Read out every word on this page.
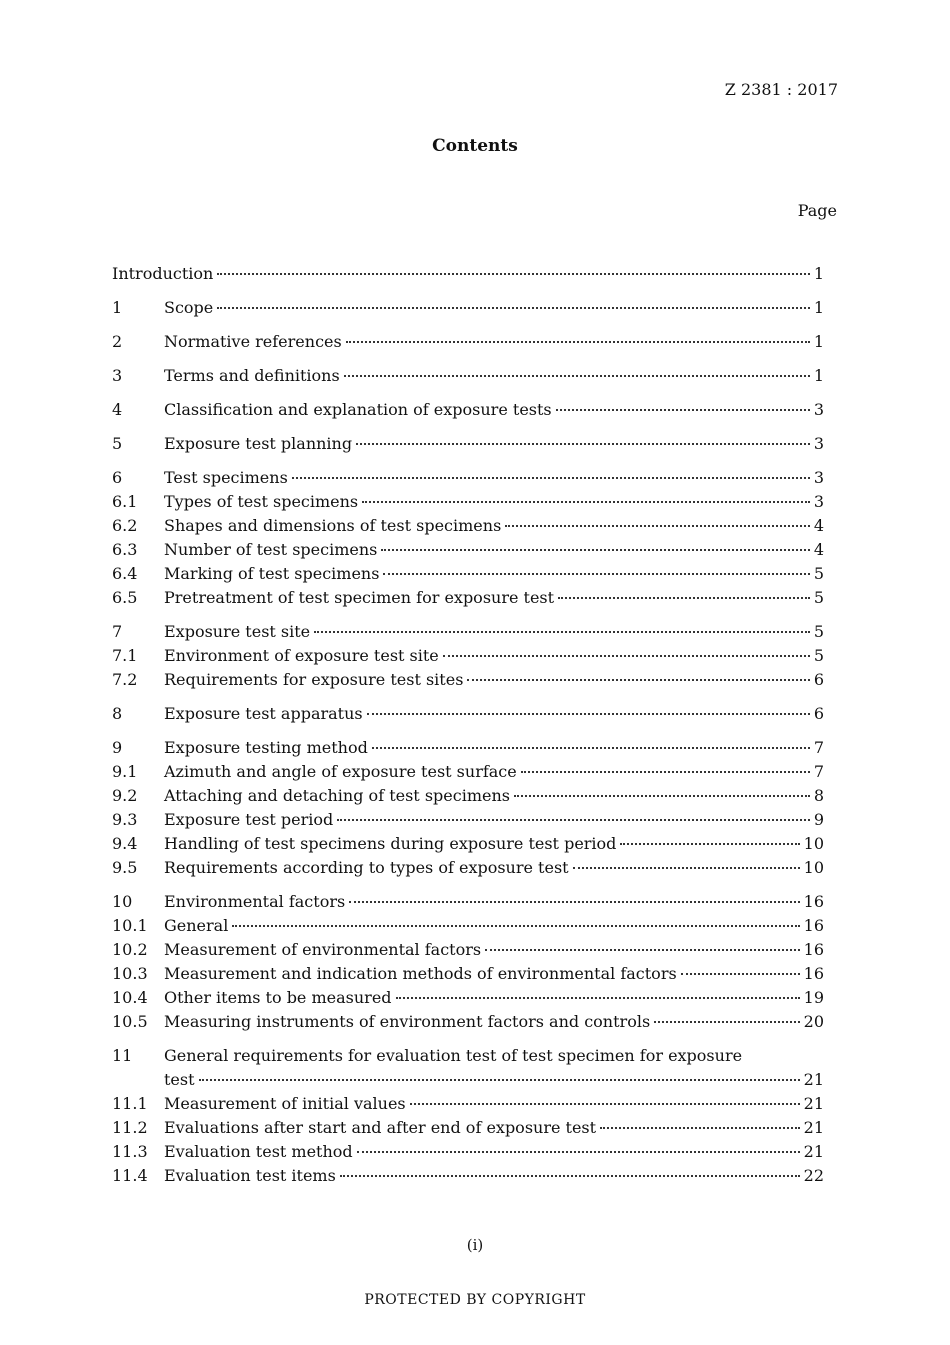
Z 2381 : 2017
Contents
Page
Introduction	1
1	Scope	1
2	Normative references	1
3	Terms and definitions	1
4	Classification and explanation of exposure tests	3
5	Exposure test planning	3
6	Test specimens	3
6.1	Types of test specimens	3
6.2	Shapes and dimensions of test specimens	4
6.3	Number of test specimens	4
6.4	Marking of test specimens	5
6.5	Pretreatment of test specimen for exposure test	5
7	Exposure test site	5
7.1	Environment of exposure test site	5
7.2	Requirements for exposure test sites	6
8	Exposure test apparatus	6
9	Exposure testing method	7
9.1	Azimuth and angle of exposure test surface	7
9.2	Attaching and detaching of test specimens	8
9.3	Exposure test period	9
9.4	Handling of test specimens during exposure test period	10
9.5	Requirements according to types of exposure test	10
10	Environmental factors	16
10.1	General	16
10.2	Measurement of environmental factors	16
10.3	Measurement and indication methods of environmental factors	16
10.4	Other items to be measured	19
10.5	Measuring instruments of environment factors and controls	20
11	General requirements for evaluation test of test specimen for exposure
test	21
11.1	Measurement of initial values	21
11.2	Evaluations after start and after end of exposure test	21
11.3	Evaluation test method	21
11.4	Evaluation test items	22
(i)
PROTECTED BY COPYRIGHT
